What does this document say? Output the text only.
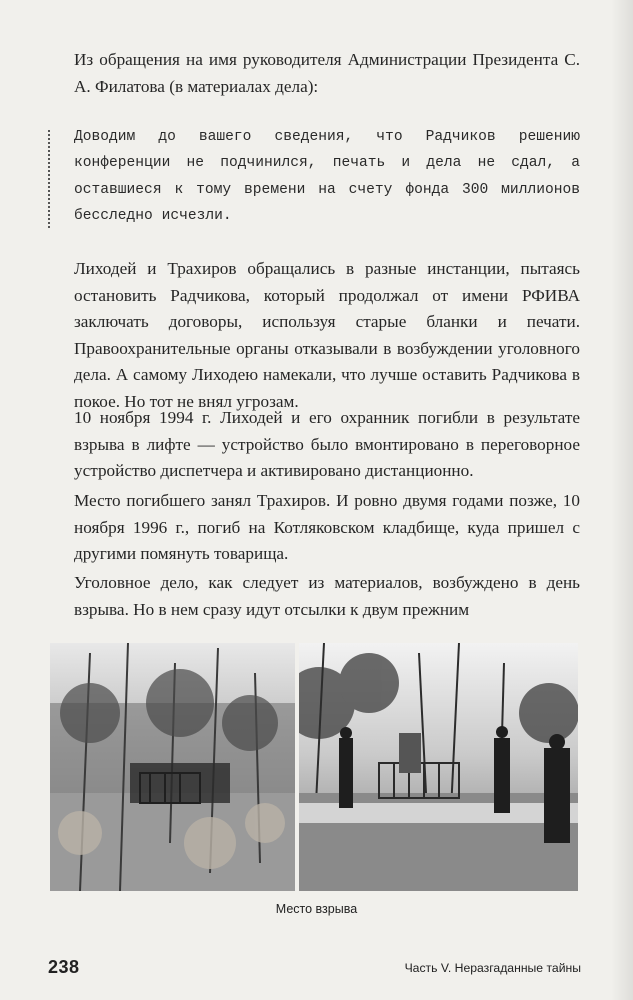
Из обращения на имя руководителя Администрации Президента С. А. Филатова (в материалах дела):

Доводим до вашего сведения, что Радчиков решению конференции не подчинился, печать и дела не сдал, а оставшиеся к тому времени на счету фонда 300 миллионов бесследно исчезли.

Лиходей и Трахиров обращались в разные инстанции, пытаясь остановить Радчикова, который продолжал от имени РФИВА заключать договоры, используя старые бланки и печати. Правоохранительные органы отказывали в возбуждении уголовного дела. А самому Лиходею намекали, что лучше оставить Радчикова в покое. Но тот не внял угрозам.

10 ноября 1994 г. Лиходей и его охранник погибли в результате взрыва в лифте — устройство было вмонтировано в переговорное устройство диспетчера и активировано дистанционно.

Место погибшего занял Трахиров. И ровно двумя годами позже, 10 ноября 1996 г., погиб на Котляковском кладбище, куда пришел с другими помянуть товарища.

Уголовное дело, как следует из материалов, возбуждено в день взрыва. Но в нем сразу идут отсылки к двум прежним

Место взрыва
238	Часть V. Неразгаданные тайны
